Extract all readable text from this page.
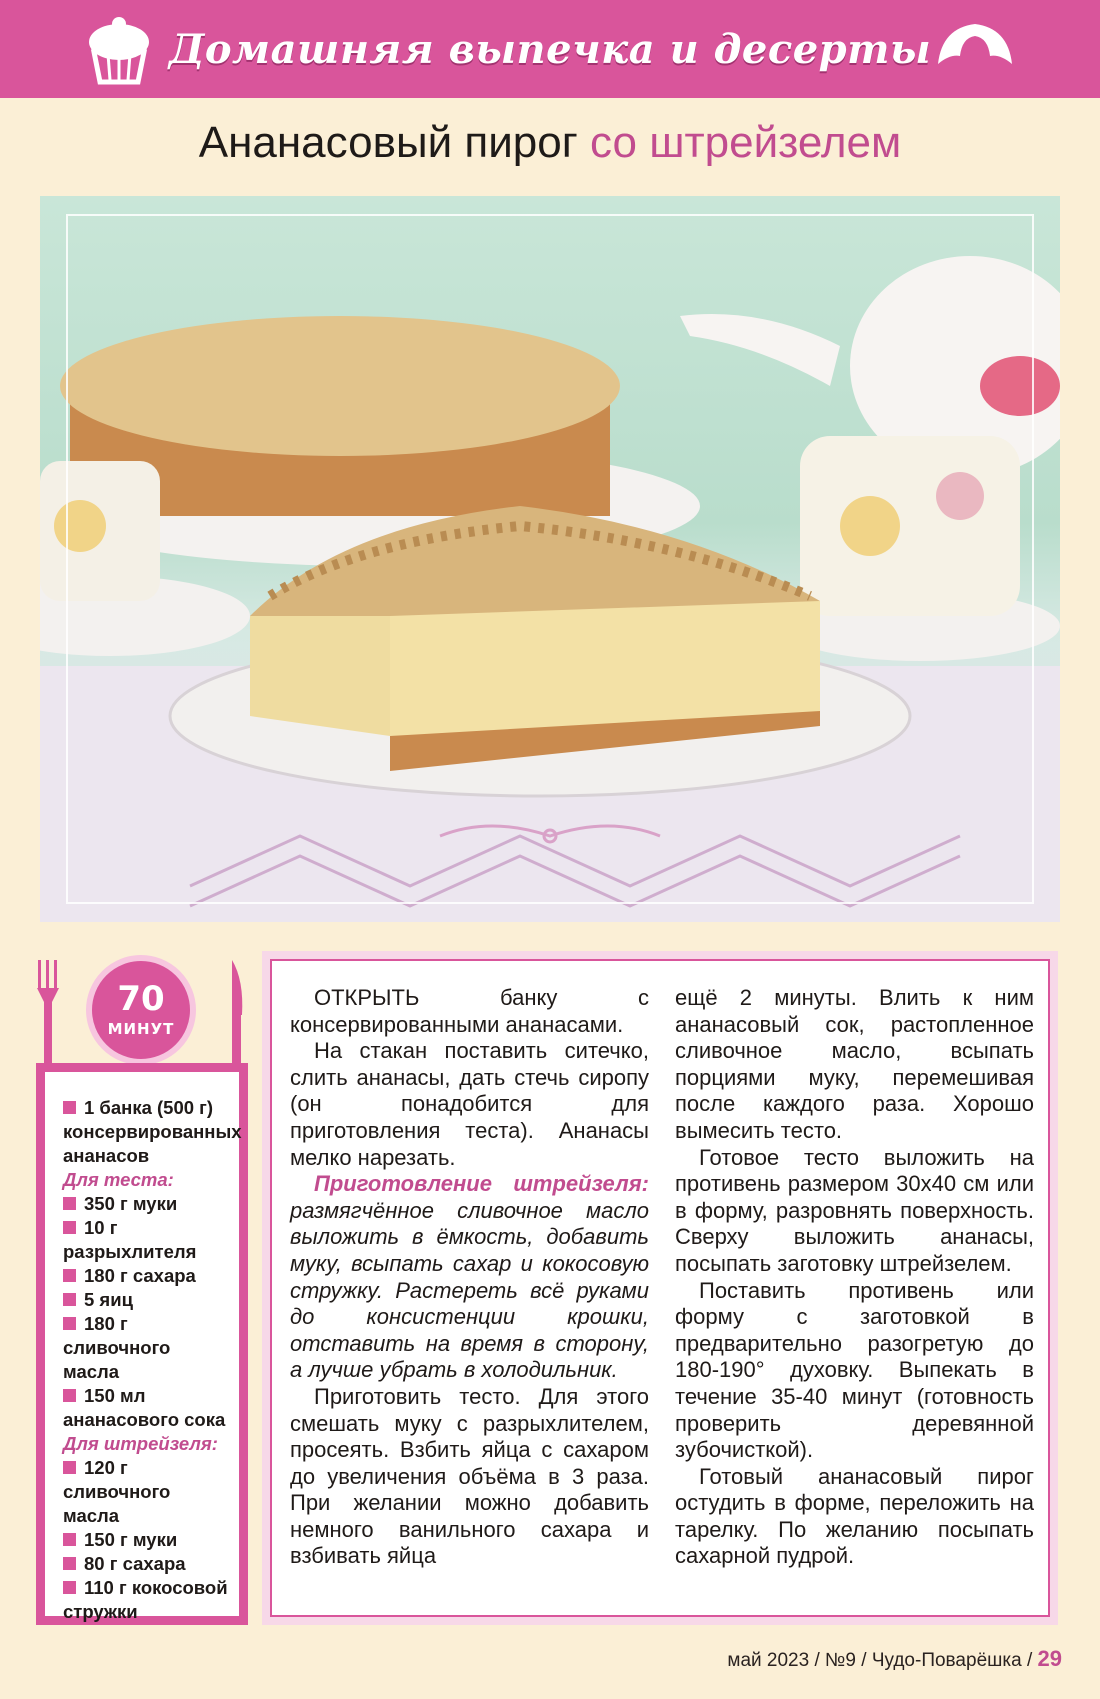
Домашняя выпечка и десерты
Ананасовый пирог со штрейзелем
70
МИНУТ
1 банка (500 г) консервированных ананасов
Для теста:
350 г муки
10 г разрыхлителя
180 г сахара
5 яиц
180 г сливочного масла
150 мл ананасового сока
Для штрейзеля:
120 г сливочного масла
150 г муки
80 г сахара
110 г кокосовой стружки

ОТКРЫТЬ банку с консервированными ананасами.

На стакан поставить ситечко, слить ананасы, дать стечь сиропу (он понадобится для приготовления теста). Ананасы мелко нарезать.

Приготовление штрейзеля: размягчённое сливочное масло выложить в ёмкость, добавить муку, всыпать сахар и кокосовую стружку. Растереть всё руками до консистенции крошки, отставить на время в сторону, а лучше убрать в холодильник.

Приготовить тесто. Для этого смешать муку с разрыхлителем, просеять. Взбить яйца с сахаром до увеличения объёма в 3 раза. При желании можно добавить немного ванильного сахара и взбивать яйца

ещё 2 минуты. Влить к ним ананасовый сок, растопленное сливочное масло, всыпать порциями муку, перемешивая после каждого раза. Хорошо вымесить тесто.

Готовое тесто выложить на противень размером 30х40 см или в форму, разровнять поверхность. Сверху выложить ананасы, посыпать заготовку штрейзелем.

Поставить противень или форму с заготовкой в предварительно разогретую до 180-190° духовку. Выпекать в течение 35-40 минут (готовность проверить деревянной зубочисткой).

Готовый ананасовый пирог остудить в форме, переложить на тарелку. По желанию посыпать сахарной пудрой.

май 2023 / №9 / Чудо-Поварёшка / 29
